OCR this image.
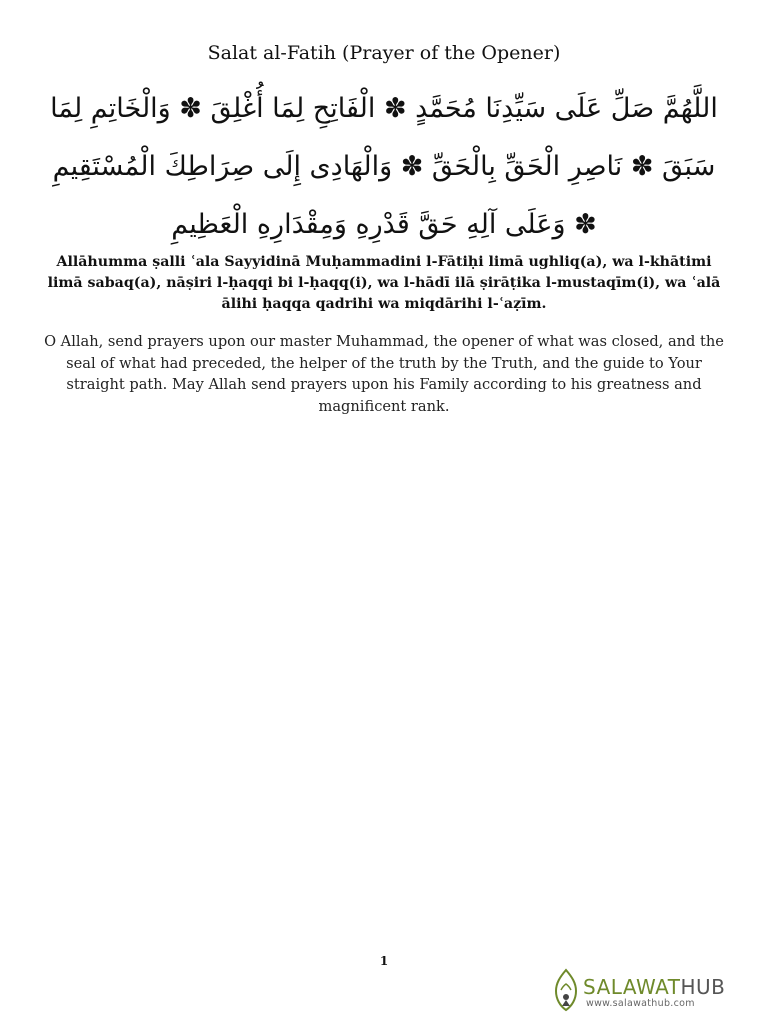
Salat al-Fatih (Prayer of the Opener)
اللَّهُمَّ صَلِّ عَلَى سَيِّدِنَا مُحَمَّدٍ ✽ الْفَاتِحِ لِمَا أُغْلِقَ ✽ وَالْخَاتِمِ لِمَا سَبَقَ ✽ نَاصِرِ الْحَقِّ بِالْحَقِّ ✽ وَالْهَادِى إِلَى صِرَاطِكَ الْمُسْتَقِيمِ ✽ وَعَلَى آلِهِ حَقَّ قَدْرِهِ وَمِقْدَارِهِ الْعَظِيمِ
Allāhumma ṣalli ʿala Sayyidinā Muḥammadini l-Fātiḥi limā ughliq(a), wa l-khātimi limā sabaq(a), nāṣiri l-ḥaqqi bi l-ḥaqq(i), wa l-hādī ilā ṣirāṭika l-mustaqīm(i), wa ʿalā ālihi ḥaqqa qadrihi wa miqdārihi l-ʿaẓīm.
O Allah, send prayers upon our master Muhammad, the opener of what was closed, and the seal of what had preceded, the helper of the truth by the Truth, and the guide to Your straight path. May Allah send prayers upon his Family according to his greatness and magnificent rank.
1
SALAWATHUB
www.salawathub.com
